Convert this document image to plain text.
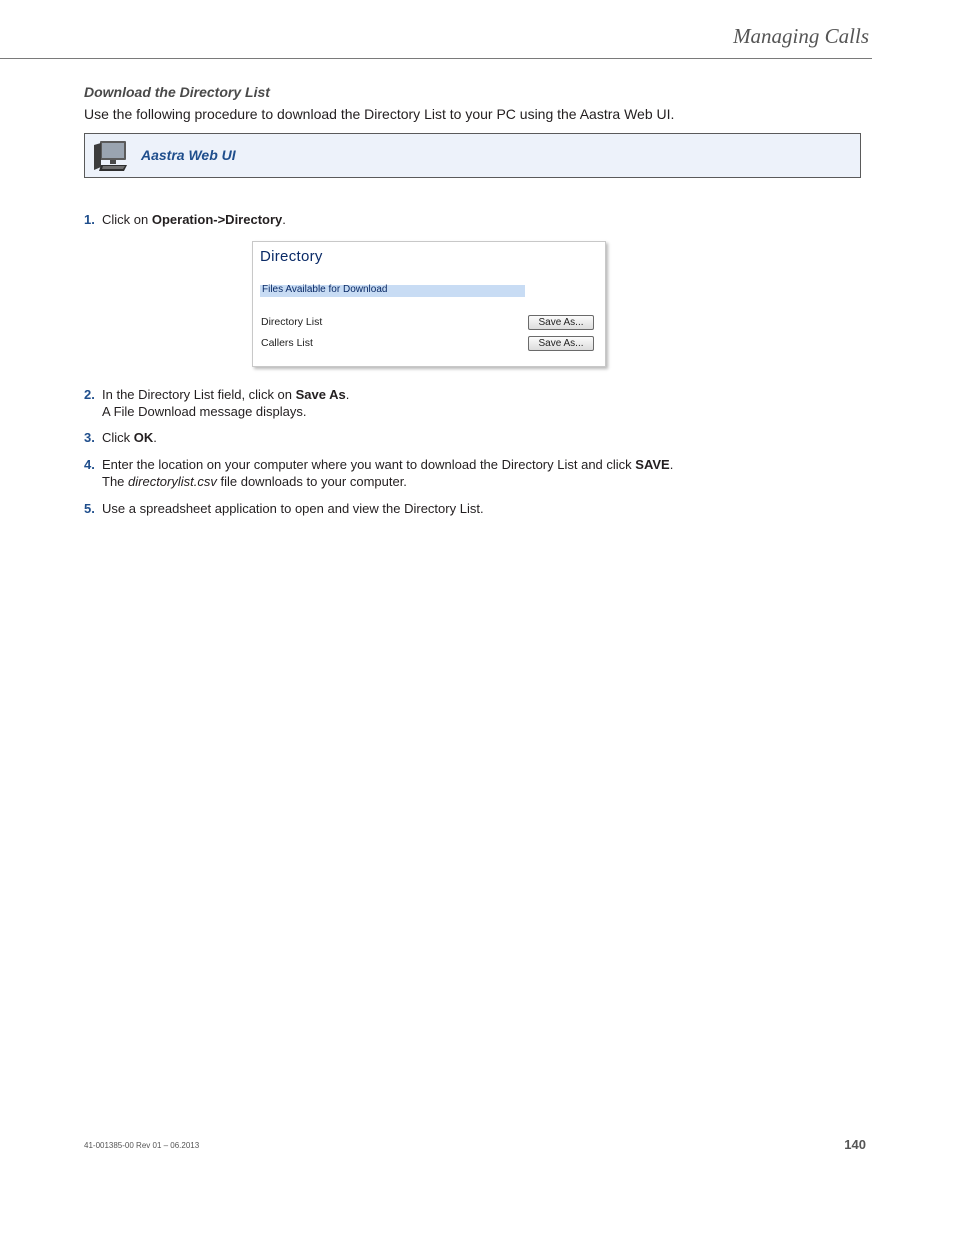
Managing Calls
Download the Directory List
Use the following procedure to download the Directory List to your PC using the Aastra Web UI.
Aastra Web UI
1. Click on Operation->Directory.
Directory
Files Available for Download
Directory List	Save As...
Callers List	Save As...
2. In the Directory List field, click on Save As.
A File Download message displays.
3. Click OK.
4. Enter the location on your computer where you want to download the Directory List and click SAVE.
The directorylist.csv file downloads to your computer.
5. Use a spreadsheet application to open and view the Directory List.
41-001385-00 Rev 01 – 06.2013	140
